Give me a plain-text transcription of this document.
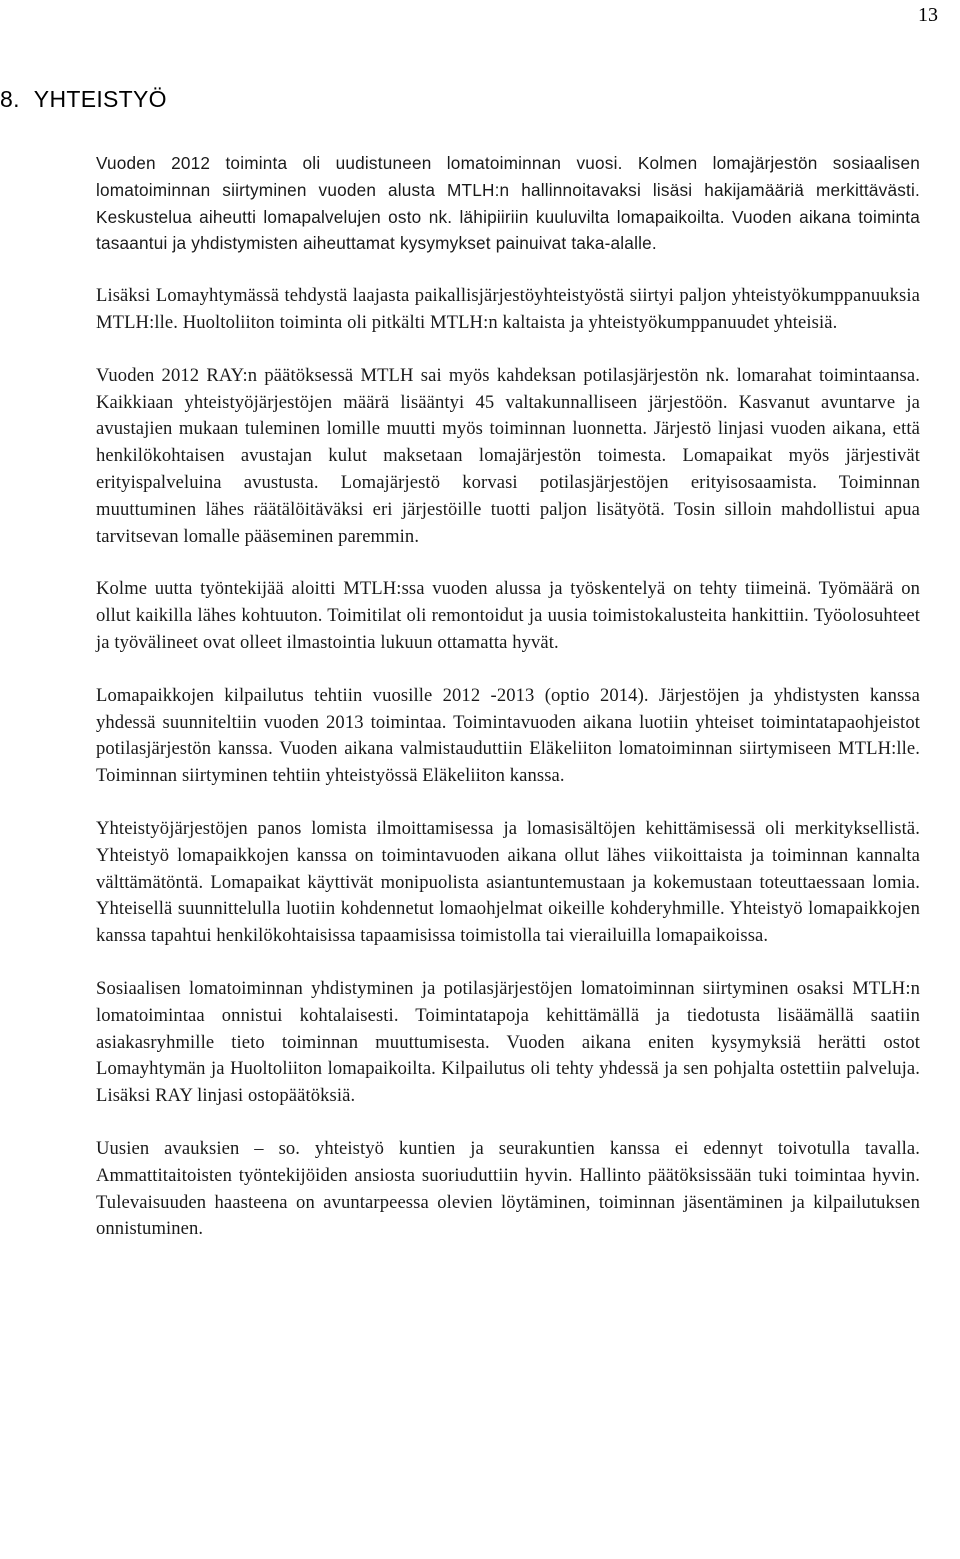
13
8. YHTEISTYÖ

Vuoden 2012 toiminta oli uudistuneen lomatoiminnan vuosi. Kolmen lomajärjestön sosiaalisen lomatoiminnan siirtyminen vuoden alusta MTLH:n hallinnoitavaksi lisäsi hakijamääriä merkittävästi. Keskustelua aiheutti lomapalvelujen osto nk. lähipiiriin kuuluvilta lomapaikoilta. Vuoden aikana toiminta tasaantui ja yhdistymisten aiheuttamat kysymykset painuivat taka-alalle.

Lisäksi Lomayhtymässä tehdystä laajasta paikallisjärjestöyhteistyöstä siirtyi paljon yhteistyökumppanuuksia MTLH:lle. Huoltoliiton toiminta oli pitkälti MTLH:n kaltaista ja yhteistyökumppanuudet yhteisiä.

Vuoden 2012 RAY:n päätöksessä MTLH sai myös kahdeksan potilasjärjestön nk. lomarahat toimintaansa. Kaikkiaan yhteistyöjärjestöjen määrä lisääntyi 45 valtakunnalliseen järjestöön. Kasvanut avuntarve ja avustajien mukaan tuleminen lomille muutti myös toiminnan luonnetta. Järjestö linjasi vuoden aikana, että henkilökohtaisen avustajan kulut maksetaan lomajärjestön toimesta. Lomapaikat myös järjestivät erityispalveluina avustusta. Lomajärjestö korvasi potilasjärjestöjen erityisosaamista. Toiminnan muuttuminen lähes räätälöitäväksi eri järjestöille tuotti paljon lisätyötä. Tosin silloin mahdollistui apua tarvitsevan lomalle pääseminen paremmin.

Kolme uutta työntekijää aloitti MTLH:ssa vuoden alussa ja työskentelyä on tehty tiimeinä. Työmäärä on ollut kaikilla lähes kohtuuton. Toimitilat oli remontoidut ja uusia toimistokalusteita hankittiin. Työolosuhteet ja työvälineet ovat olleet ilmastointia lukuun ottamatta hyvät.

Lomapaikkojen kilpailutus tehtiin vuosille 2012 -2013 (optio 2014). Järjestöjen ja yhdistysten kanssa yhdessä suunniteltiin vuoden 2013 toimintaa. Toimintavuoden aikana luotiin yhteiset toimintatapaohjeistot potilasjärjestön kanssa. Vuoden aikana valmistauduttiin Eläkeliiton lomatoiminnan siirtymiseen MTLH:lle. Toiminnan siirtyminen tehtiin yhteistyössä Eläkeliiton kanssa.

Yhteistyöjärjestöjen panos lomista ilmoittamisessa ja lomasisältöjen kehittämisessä oli merkityksellistä. Yhteistyö lomapaikkojen kanssa on toimintavuoden aikana ollut lähes viikoittaista ja toiminnan kannalta välttämätöntä. Lomapaikat käyttivät monipuolista asiantuntemustaan ja kokemustaan toteuttaessaan lomia. Yhteisellä suunnittelulla luotiin kohdennetut lomaohjelmat oikeille kohderyhmille. Yhteistyö lomapaikkojen kanssa tapahtui henkilökohtaisissa tapaamisissa toimistolla tai vierailuilla lomapaikoissa.

Sosiaalisen lomatoiminnan yhdistyminen ja potilasjärjestöjen lomatoiminnan siirtyminen osaksi MTLH:n lomatoimintaa onnistui kohtalaisesti. Toimintatapoja kehittämällä ja tiedotusta lisäämällä saatiin asiakasryhmille tieto toiminnan muuttumisesta. Vuoden aikana eniten kysymyksiä herätti ostot Lomayhtymän ja Huoltoliiton lomapaikoilta. Kilpailutus oli tehty yhdessä ja sen pohjalta ostettiin palveluja. Lisäksi RAY linjasi ostopäätöksiä.

Uusien avauksien – so. yhteistyö kuntien ja seurakuntien kanssa ei edennyt toivotulla tavalla. Ammattitaitoisten työntekijöiden ansiosta suoriuduttiin hyvin. Hallinto päätöksissään tuki toimintaa hyvin. Tulevaisuuden haasteena on avuntarpeessa olevien löytäminen, toiminnan jäsentäminen ja kilpailutuksen onnistuminen.
